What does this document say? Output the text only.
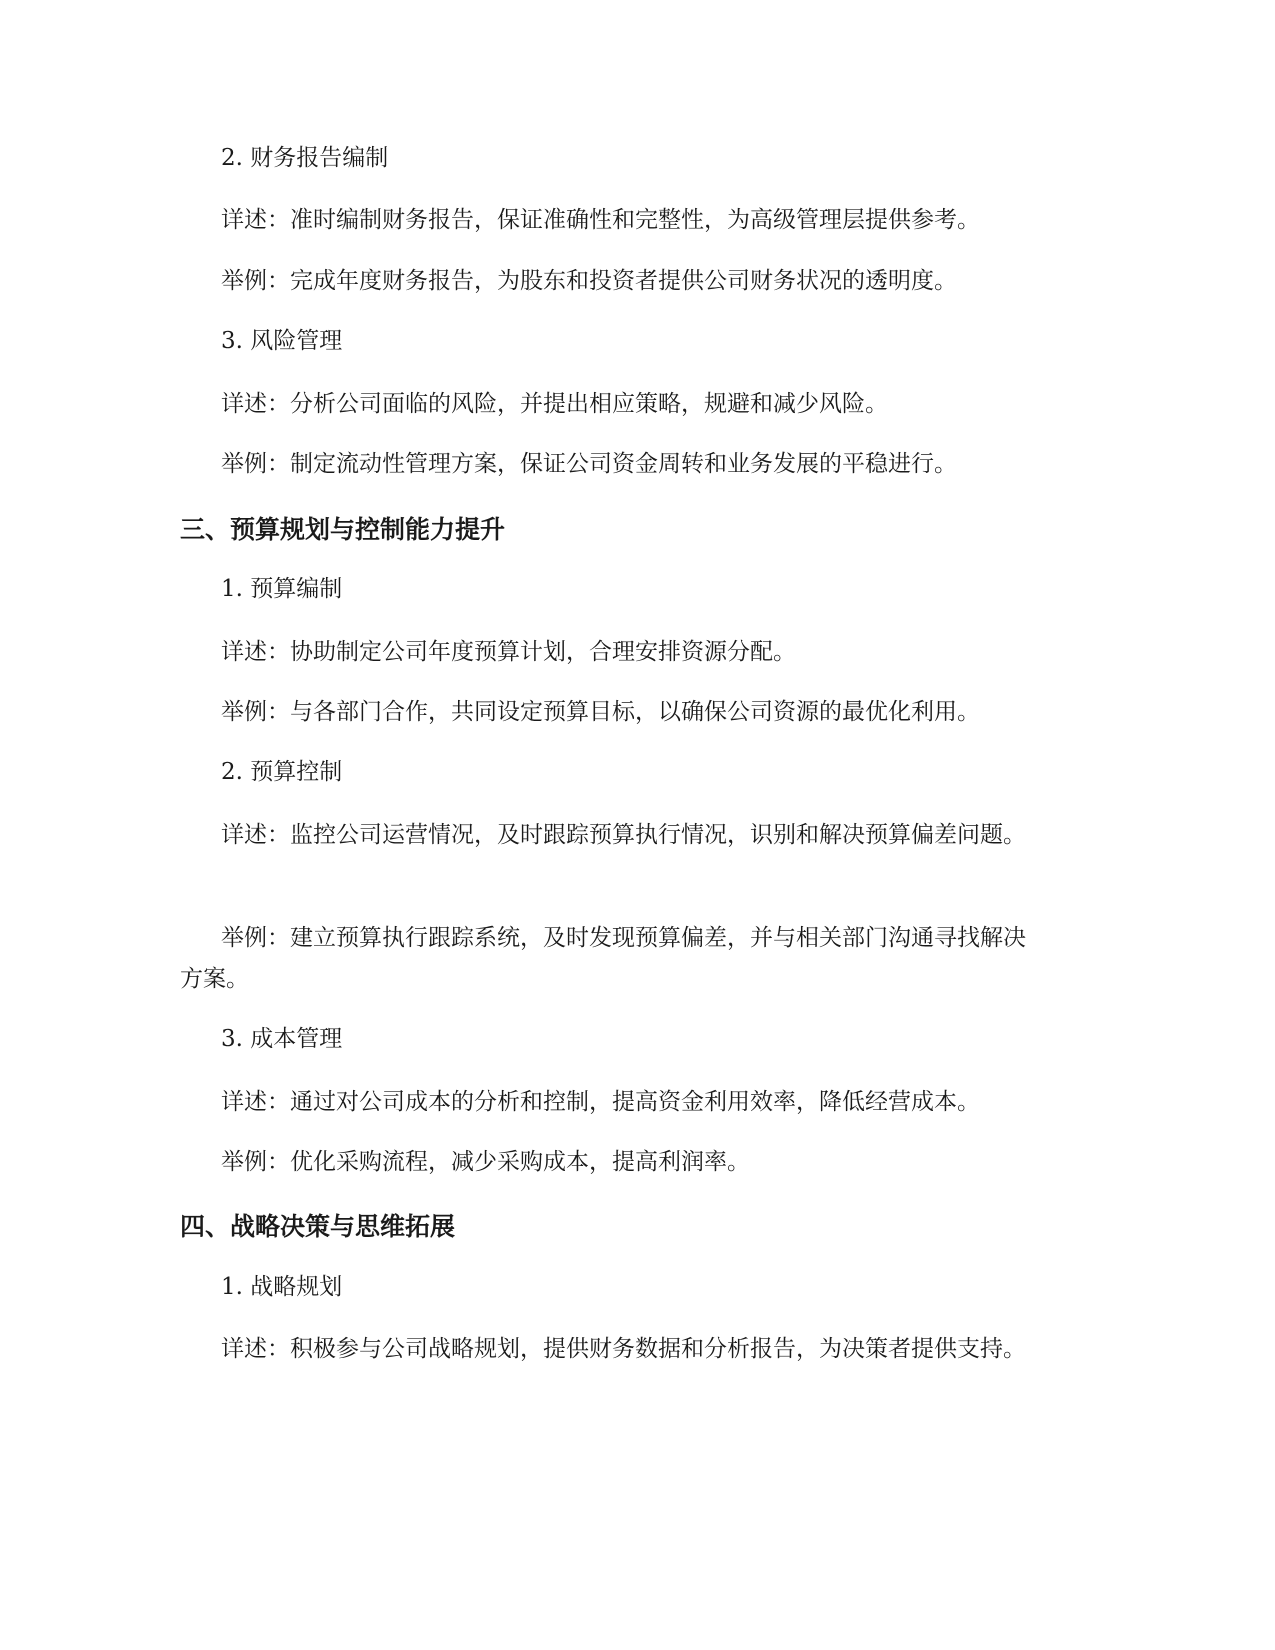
2. 财务报告编制

详述：准时编制财务报告，保证准确性和完整性，为高级管理层提供参考。

举例：完成年度财务报告，为股东和投资者提供公司财务状况的透明度。

3. 风险管理

详述：分析公司面临的风险，并提出相应策略，规避和减少风险。

举例：制定流动性管理方案，保证公司资金周转和业务发展的平稳进行。

三、预算规划与控制能力提升

1. 预算编制

详述：协助制定公司年度预算计划，合理安排资源分配。

举例：与各部门合作，共同设定预算目标，以确保公司资源的最优化利用。

2. 预算控制

详述：监控公司运营情况，及时跟踪预算执行情况，识别和解决预算偏差问题。

举例：建立预算执行跟踪系统，及时发现预算偏差，并与相关部门沟通寻找解决方案。

3. 成本管理

详述：通过对公司成本的分析和控制，提高资金利用效率，降低经营成本。

举例：优化采购流程，减少采购成本，提高利润率。

四、战略决策与思维拓展

1. 战略规划

详述：积极参与公司战略规划，提供财务数据和分析报告，为决策者提供支持。
